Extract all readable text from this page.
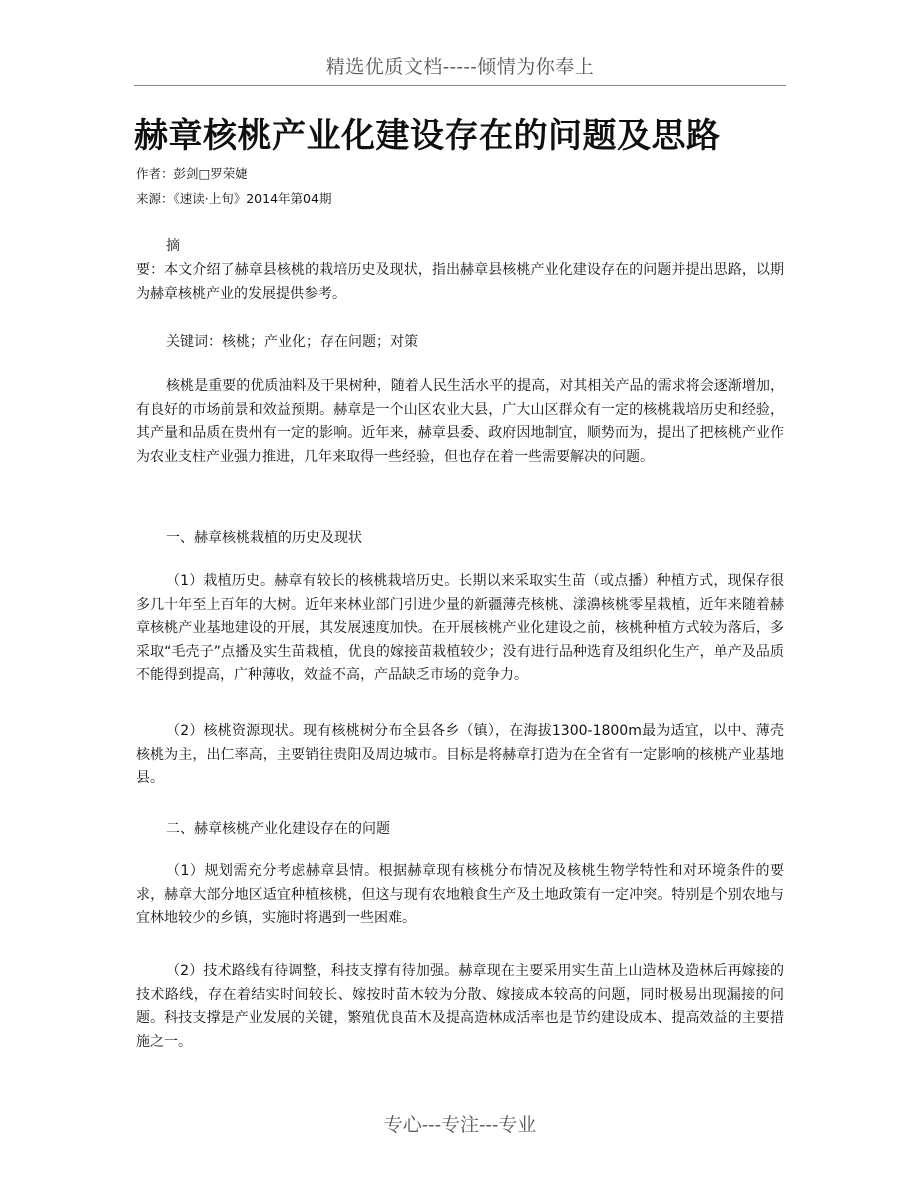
精选优质文档-----倾情为你奉上
赫章核桃产业化建设存在的问题及思路
作者：彭剑□罗荣婕
来源：《速读·上旬》2014年第04期
摘

要：本文介绍了赫章县核桃的栽培历史及现状，指出赫章县核桃产业化建设存在的问题并提出思路，以期为赫章核桃产业的发展提供参考。

关键词：核桃；产业化；存在问题；对策

核桃是重要的优质油料及干果树种，随着人民生活水平的提高，对其相关产品的需求将会逐渐增加，有良好的市场前景和效益预期。赫章是一个山区农业大县，广大山区群众有一定的核桃栽培历史和经验，其产量和品质在贵州有一定的影响。近年来，赫章县委、政府因地制宜，顺势而为，提出了把核桃产业作为农业支柱产业强力推进，几年来取得一些经验，但也存在着一些需要解决的问题。

一、赫章核桃栽植的历史及现状

（1）栽植历史。赫章有较长的核桃栽培历史。长期以来采取实生苗（或点播）种植方式，现保存很多几十年至上百年的大树。近年来林业部门引进少量的新疆薄壳核桃、漾濞核桃零星栽植，近年来随着赫章核桃产业基地建设的开展，其发展速度加快。在开展核桃产业化建设之前，核桃种植方式较为落后，多采取“毛壳子”点播及实生苗栽植，优良的嫁接苗栽植较少；没有进行品种选育及组织化生产，单产及品质不能得到提高，广种薄收，效益不高，产品缺乏市场的竞争力。

（2）核桃资源现状。现有核桃树分布全县各乡（镇），在海拔1300-1800m最为适宜，以中、薄壳核桃为主，出仁率高，主要销往贵阳及周边城市。目标是将赫章打造为在全省有一定影响的核桃产业基地县。

二、赫章核桃产业化建设存在的问题

（1）规划需充分考虑赫章县情。根据赫章现有核桃分布情况及核桃生物学特性和对环境条件的要求，赫章大部分地区适宜种植核桃，但这与现有农地粮食生产及土地政策有一定冲突。特别是个别农地与宜林地较少的乡镇，实施时将遇到一些困难。

（2）技术路线有待调整，科技支撑有待加强。赫章现在主要采用实生苗上山造林及造林后再嫁接的技术路线，存在着结实时间较长、嫁按时苗木较为分散、嫁接成本较高的问题，同时极易出现漏接的问题。科技支撑是产业发展的关键，繁殖优良苗木及提高造林成活率也是节约建设成本、提高效益的主要措施之一。

专心---专注---专业
